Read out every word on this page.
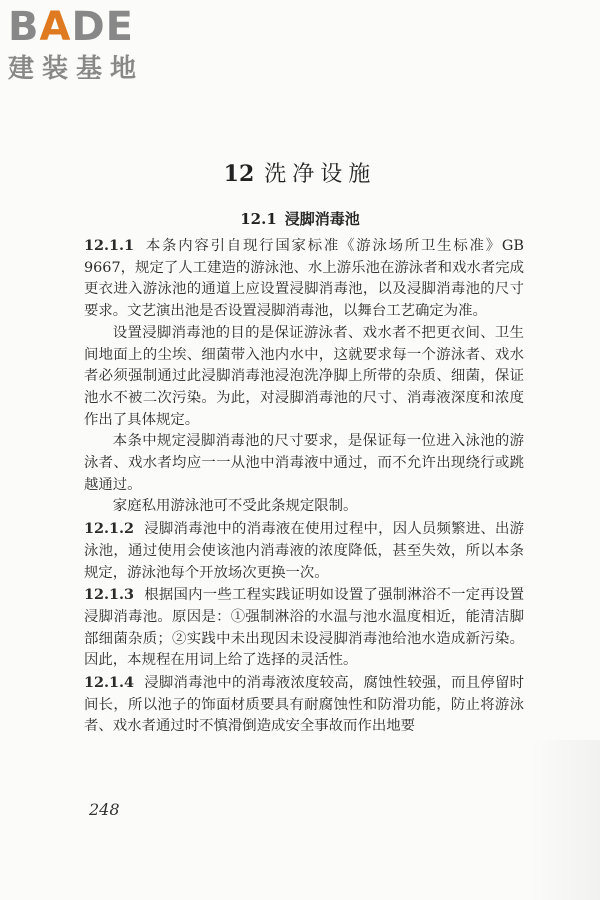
BADE
建装基地
12 洗净设施
12.1 浸脚消毒池

12.1.1 本条内容引自现行国家标准《游泳场所卫生标准》GB 9667，规定了人工建造的游泳池、水上游乐池在游泳者和戏水者完成更衣进入游泳池的通道上应设置浸脚消毒池，以及浸脚消毒池的尺寸要求。文艺演出池是否设置浸脚消毒池，以舞台工艺确定为准。

设置浸脚消毒池的目的是保证游泳者、戏水者不把更衣间、卫生间地面上的尘埃、细菌带入池内水中，这就要求每一个游泳者、戏水者必须强制通过此浸脚消毒池浸泡洗净脚上所带的杂质、细菌，保证池水不被二次污染。为此，对浸脚消毒池的尺寸、消毒液深度和浓度作出了具体规定。

本条中规定浸脚消毒池的尺寸要求，是保证每一位进入泳池的游泳者、戏水者均应一一从池中消毒液中通过，而不允许出现绕行或跳越通过。

家庭私用游泳池可不受此条规定限制。

12.1.2 浸脚消毒池中的消毒液在使用过程中，因人员频繁进、出游泳池，通过使用会使该池内消毒液的浓度降低，甚至失效，所以本条规定，游泳池每个开放场次更换一次。

12.1.3 根据国内一些工程实践证明如设置了强制淋浴不一定再设置浸脚消毒池。原因是：①强制淋浴的水温与池水温度相近，能清洁脚部细菌杂质；②实践中未出现因未设浸脚消毒池给池水造成新污染。因此，本规程在用词上给了选择的灵活性。

12.1.4 浸脚消毒池中的消毒液浓度较高，腐蚀性较强，而且停留时间长，所以池子的饰面材质要具有耐腐蚀性和防滑功能，防止将游泳者、戏水者通过时不慎滑倒造成安全事故而作出地要

248
